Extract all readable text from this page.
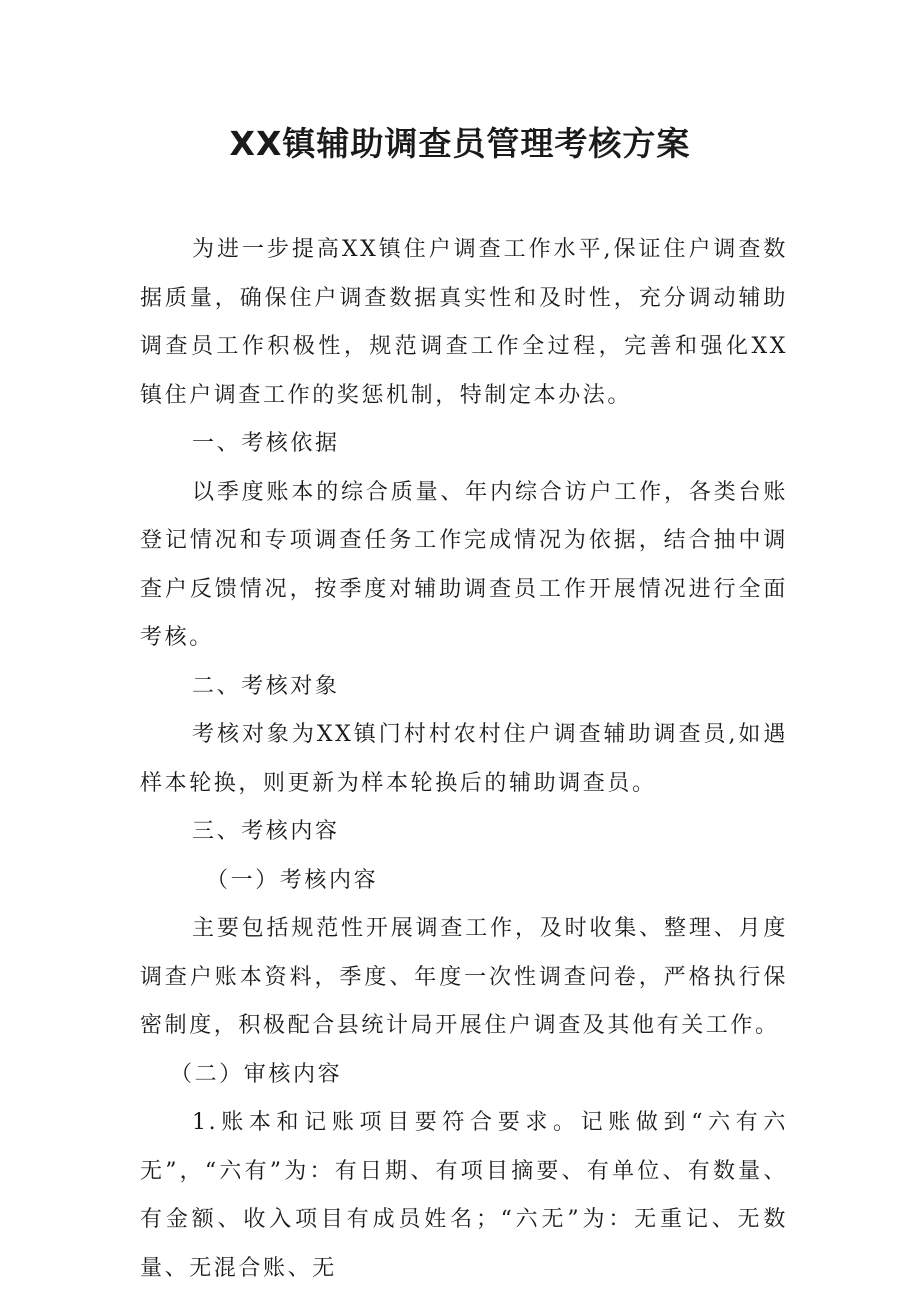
XX镇辅助调查员管理考核方案

为进一步提高XX镇住户调查工作水平,保证住户调查数据质量，确保住户调查数据真实性和及时性，充分调动辅助调查员工作积极性，规范调查工作全过程，完善和强化XX镇住户调查工作的奖惩机制，特制定本办法。

一、考核依据

以季度账本的综合质量、年内综合访户工作，各类台账登记情况和专项调查任务工作完成情况为依据，结合抽中调查户反馈情况，按季度对辅助调查员工作开展情况进行全面考核。

二、考核对象

考核对象为XX镇门村村农村住户调查辅助调查员,如遇样本轮换，则更新为样本轮换后的辅助调查员。

三、考核内容

（一）考核内容

主要包括规范性开展调查工作，及时收集、整理、月度调查户账本资料，季度、年度一次性调查问卷，严格执行保密制度，积极配合县统计局开展住户调查及其他有关工作。

（二）审核内容

1.账本和记账项目要符合要求。记账做到“六有六无”，“六有”为：有日期、有项目摘要、有单位、有数量、有金额、收入项目有成员姓名；“六无”为：无重记、无数量、无混合账、无
